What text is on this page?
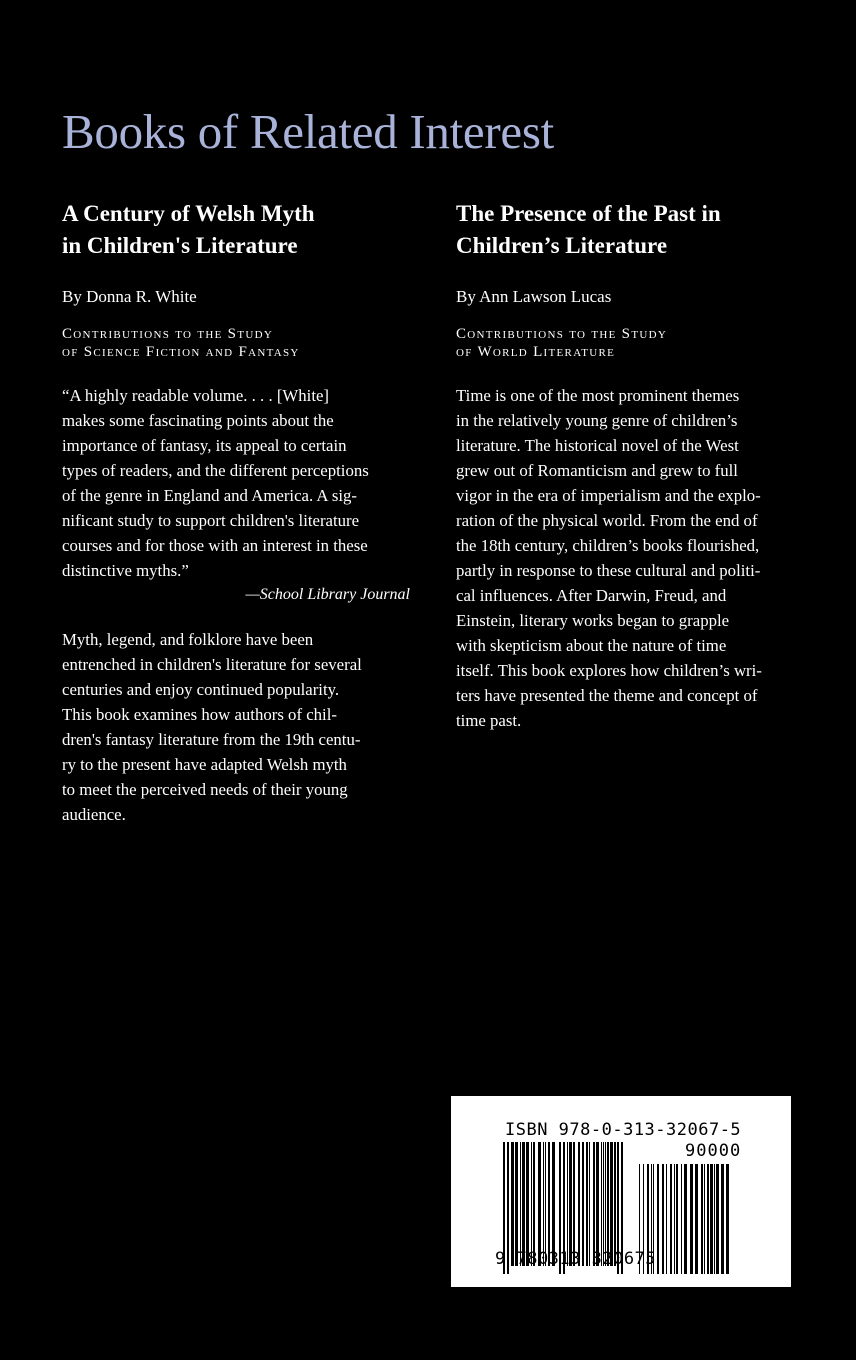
Books of Related Interest
A Century of Welsh Myth
in Children's Literature
By Donna R. White
Contributions to the Study
of Science Fiction and Fantasy
“A highly readable volume. . . . [White]
makes some fascinating points about the
importance of fantasy, its appeal to certain
types of readers, and the different perceptions
of the genre in England and America. A sig-
nificant study to support children's literature
courses and for those with an interest in these
distinctive myths.”
—School Library Journal
Myth, legend, and folklore have been
entrenched in children's literature for several
centuries and enjoy continued popularity.
This book examines how authors of chil-
dren's fantasy literature from the 19th centu-
ry to the present have adapted Welsh myth
to meet the perceived needs of their young
audience.
The Presence of the Past in
Children’s Literature
By Ann Lawson Lucas
Contributions to the Study
of World Literature
Time is one of the most prominent themes
in the relatively young genre of children’s
literature. The historical novel of the West
grew out of Romanticism and grew to full
vigor in the era of imperialism and the explo-
ration of the physical world. From the end of
the 18th century, children’s books flourished,
partly in response to these cultural and politi-
cal influences. After Darwin, Freud, and
Einstein, literary works began to grapple
with skepticism about the nature of time
itself. This book explores how children’s wri-
ters have presented the theme and concept of
time past.
ISBN 978-0-313-32067-5
90000
9 780313 320675
